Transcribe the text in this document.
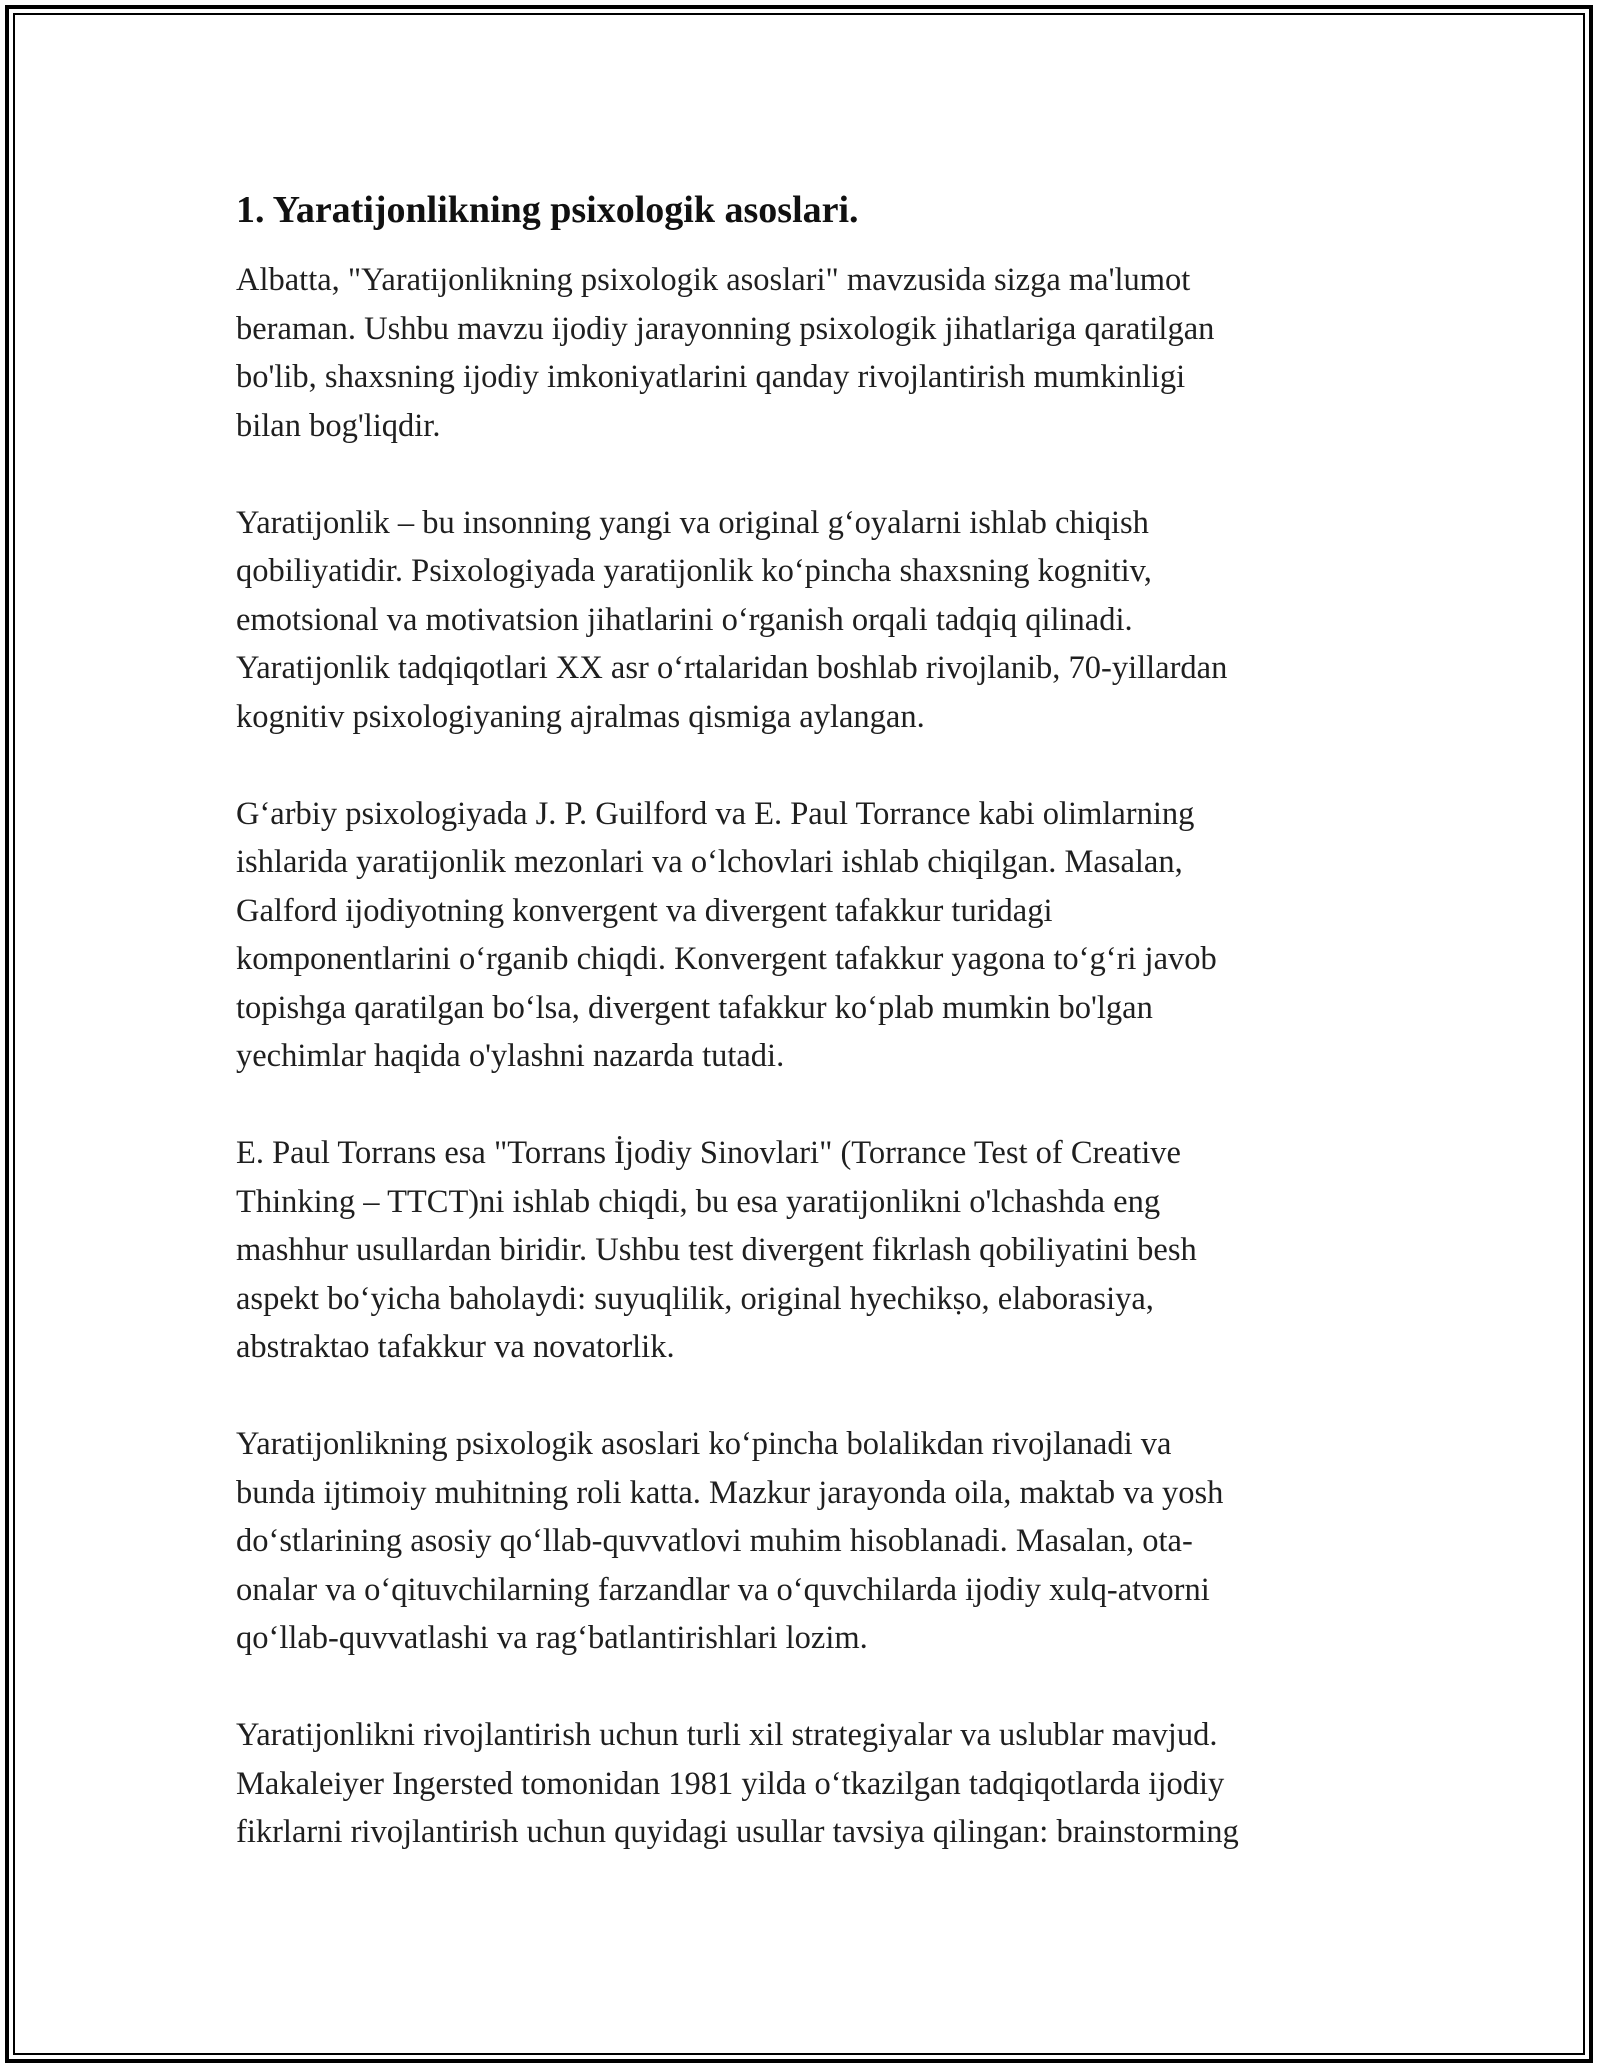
1. Yaratijonlikning psixologik asoslari.
Albatta, "Yaratijonlikning psixologik asoslari" mavzusida sizga ma'lumot
beraman. Ushbu mavzu ijodiy jarayonning psixologik jihatlariga qaratilgan
bo'lib, shaxsning ijodiy imkoniyatlarini qanday rivojlantirish mumkinligi
bilan bog'liqdir.
Yaratijonlik – bu insonning yangi va original g‘oyalarni ishlab chiqish
qobiliyatidir. Psixologiyada yaratijonlik ko‘pincha shaxsning kognitiv,
emotsional va motivatsion jihatlarini o‘rganish orqali tadqiq qilinadi.
Yaratijonlik tadqiqotlari XX asr o‘rtalaridan boshlab rivojlanib, 70-yillardan
kognitiv psixologiyaning ajralmas qismiga aylangan.
G‘arbiy psixologiyada J. P. Guilford va E. Paul Torrance kabi olimlarning
ishlarida yaratijonlik mezonlari va o‘lchovlari ishlab chiqilgan. Masalan,
Galford ijodiyotning konvergent va divergent tafakkur turidagi
komponentlarini o‘rganib chiqdi. Konvergent tafakkur yagona to‘g‘ri javob
topishga qaratilgan bo‘lsa, divergent tafakkur ko‘plab mumkin bo'lgan
yechimlar haqida o'ylashni nazarda tutadi.
E. Paul Torrans esa "Torrans İjodiy Sinovlari" (Torrance Test of Creative
Thinking – TTCT)ni ishlab chiqdi, bu esa yaratijonlikni o'lchashda eng
mashhur usullardan biridir. Ushbu test divergent fikrlash qobiliyatini besh
aspekt bo‘yicha baholaydi: suyuqlilik, original hyechikṣo, elaborasiya,
abstraktao tafakkur va novatorlik.
Yaratijonlikning psixologik asoslari ko‘pincha bolalikdan rivojlanadi va
bunda ijtimoiy muhitning roli katta. Mazkur jarayonda oila, maktab va yosh
do‘stlarining asosiy qo‘llab-quvvatlovi muhim hisoblanadi. Masalan, ota-
onalar va o‘qituvchilarning farzandlar va o‘quvchilarda ijodiy xulq-atvorni
qo‘llab-quvvatlashi va rag‘batlantirishlari lozim.
Yaratijonlikni rivojlantirish uchun turli xil strategiyalar va uslublar mavjud.
Makaleiyer Ingersted tomonidan 1981 yilda o‘tkazilgan tadqiqotlarda ijodiy
fikrlarni rivojlantirish uchun quyidagi usullar tavsiya qilingan: brainstorming
